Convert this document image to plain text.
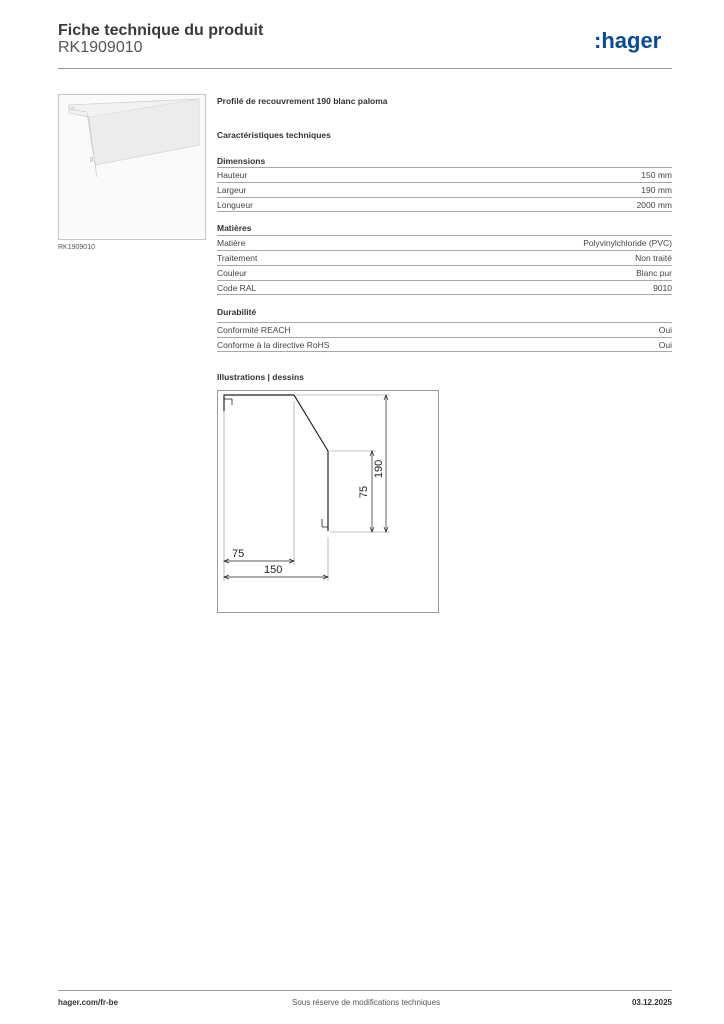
Fiche technique du produit
RK1909010	:hager
RK1909010
Profilé de recouvrement 190 blanc paloma
Caractéristiques techniques
Dimensions
Hauteur	150 mm
Largeur	190 mm
Longueur	2000 mm
Matières
Matière	Polyvinylchloride (PVC)
Traitement	Non traité
Couleur	Blanc pur
Code RAL	9010
Durabilité
Conformité REACH	Oui
Conforme à la directive RoHS	Oui
Illustrations | dessins
190
75
75
150
hager.com/fr-be	Sous réserve de modifications techniques	03.12.2025
